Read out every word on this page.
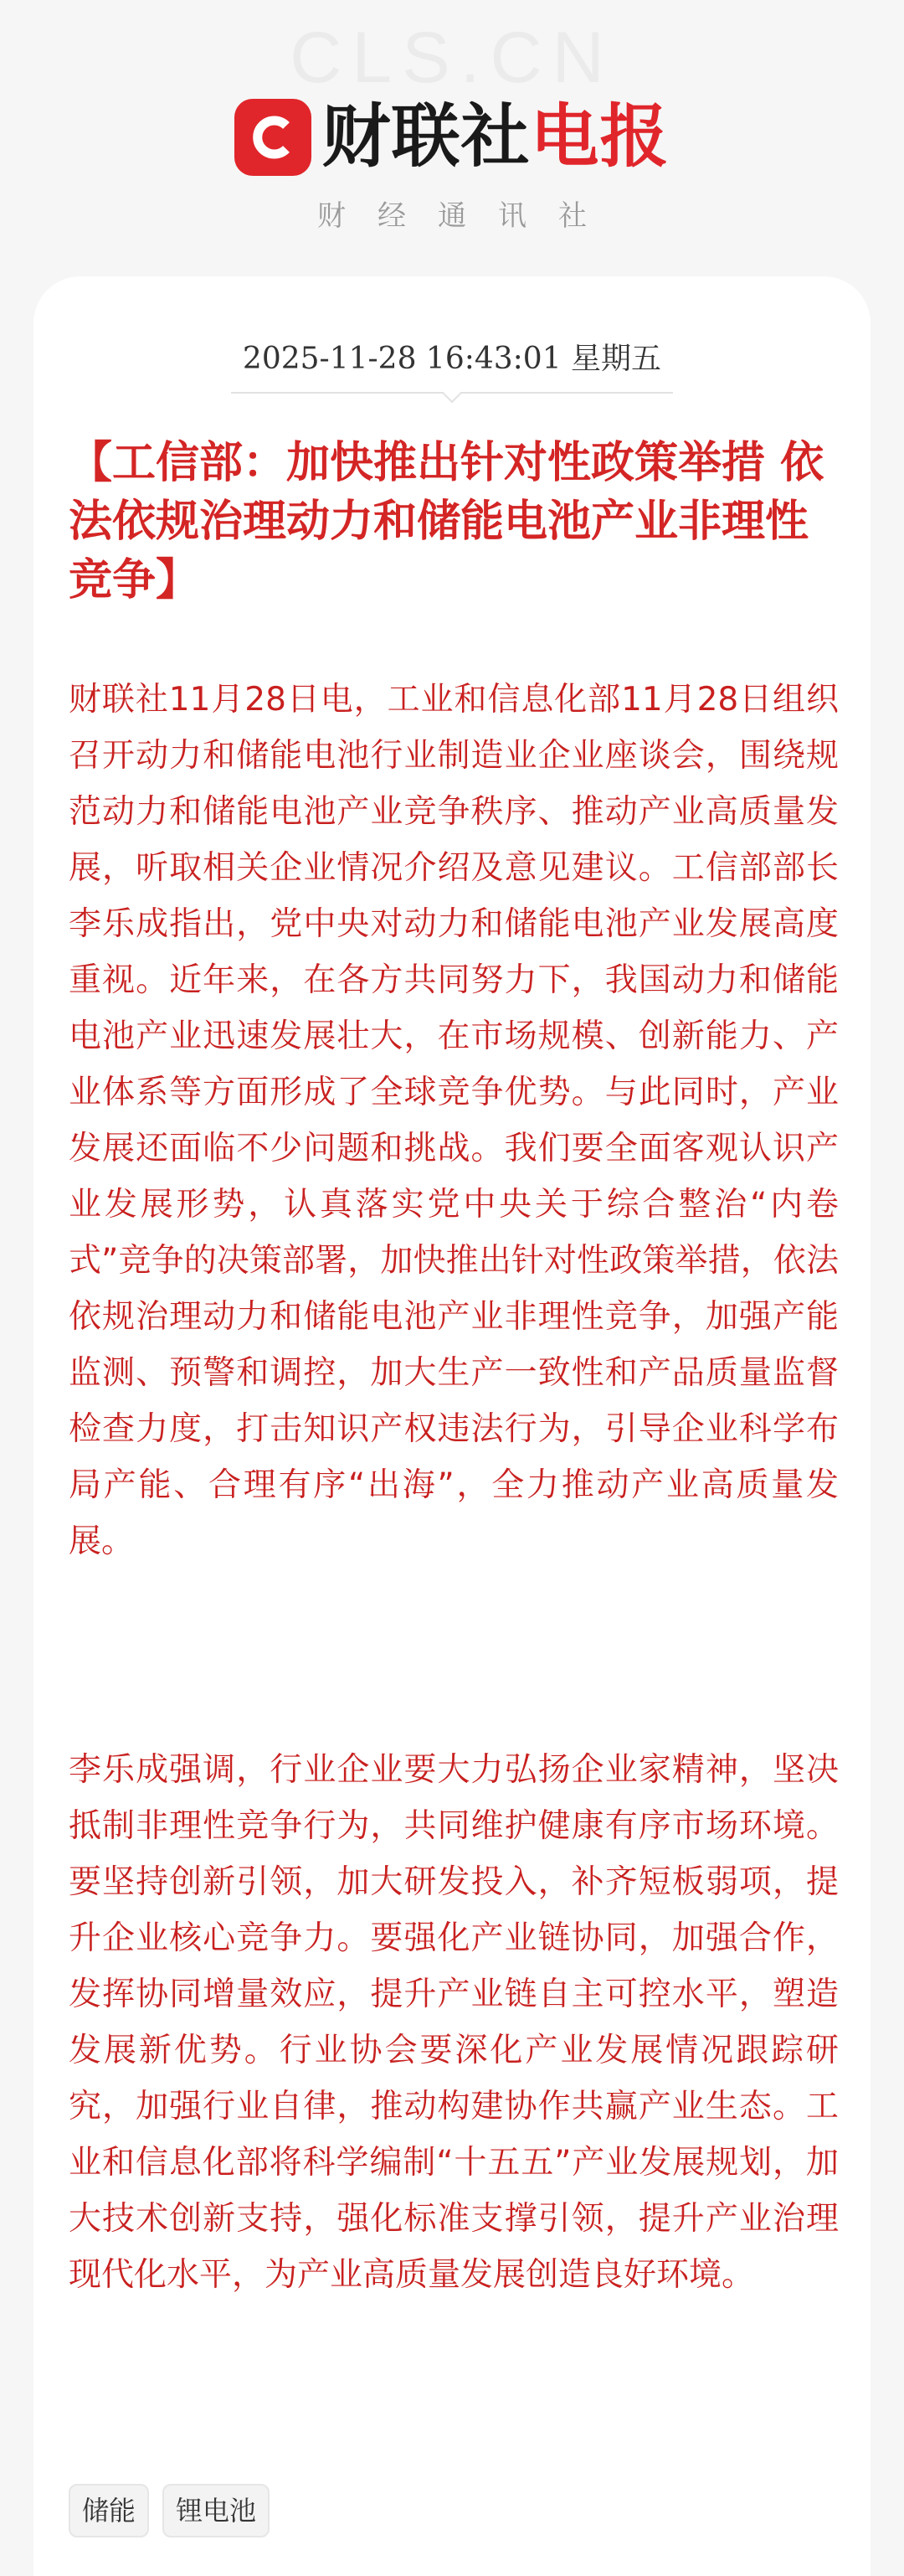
CLS.CN
财联社电报
财经通讯社
2025-11-28 16:43:01 星期五
【工信部：加快推出针对性政策举措 依法依规治理动力和储能电池产业非理性竞争】

财联社11月28日电，工业和信息化部11月28日组织召开动力和储能电池行业制造业企业座谈会，围绕规范动力和储能电池产业竞争秩序、推动产业高质量发展，听取相关企业情况介绍及意见建议。工信部部长李乐成指出，党中央对动力和储能电池产业发展高度重视。近年来，在各方共同努力下，我国动力和储能电池产业迅速发展壮大，在市场规模、创新能力、产业体系等方面形成了全球竞争优势。与此同时，产业发展还面临不少问题和挑战。我们要全面客观认识产业发展形势，认真落实党中央关于综合整治“内卷式”竞争的决策部署，加快推出针对性政策举措，依法依规治理动力和储能电池产业非理性竞争，加强产能监测、预警和调控，加大生产一致性和产品质量监督检查力度，打击知识产权违法行为，引导企业科学布局产能、合理有序“出海”，全力推动产业高质量发展。

李乐成强调，行业企业要大力弘扬企业家精神，坚决抵制非理性竞争行为，共同维护健康有序市场环境。要坚持创新引领，加大研发投入，补齐短板弱项，提升企业核心竞争力。要强化产业链协同，加强合作，发挥协同增量效应，提升产业链自主可控水平，塑造发展新优势。行业协会要深化产业发展情况跟踪研究，加强行业自律，推动构建协作共赢产业生态。工业和信息化部将科学编制“十五五”产业发展规划，加大技术创新支持，强化标准支撑引领，提升产业治理现代化水平，为产业高质量发展创造良好环境。

储能	锂电池
